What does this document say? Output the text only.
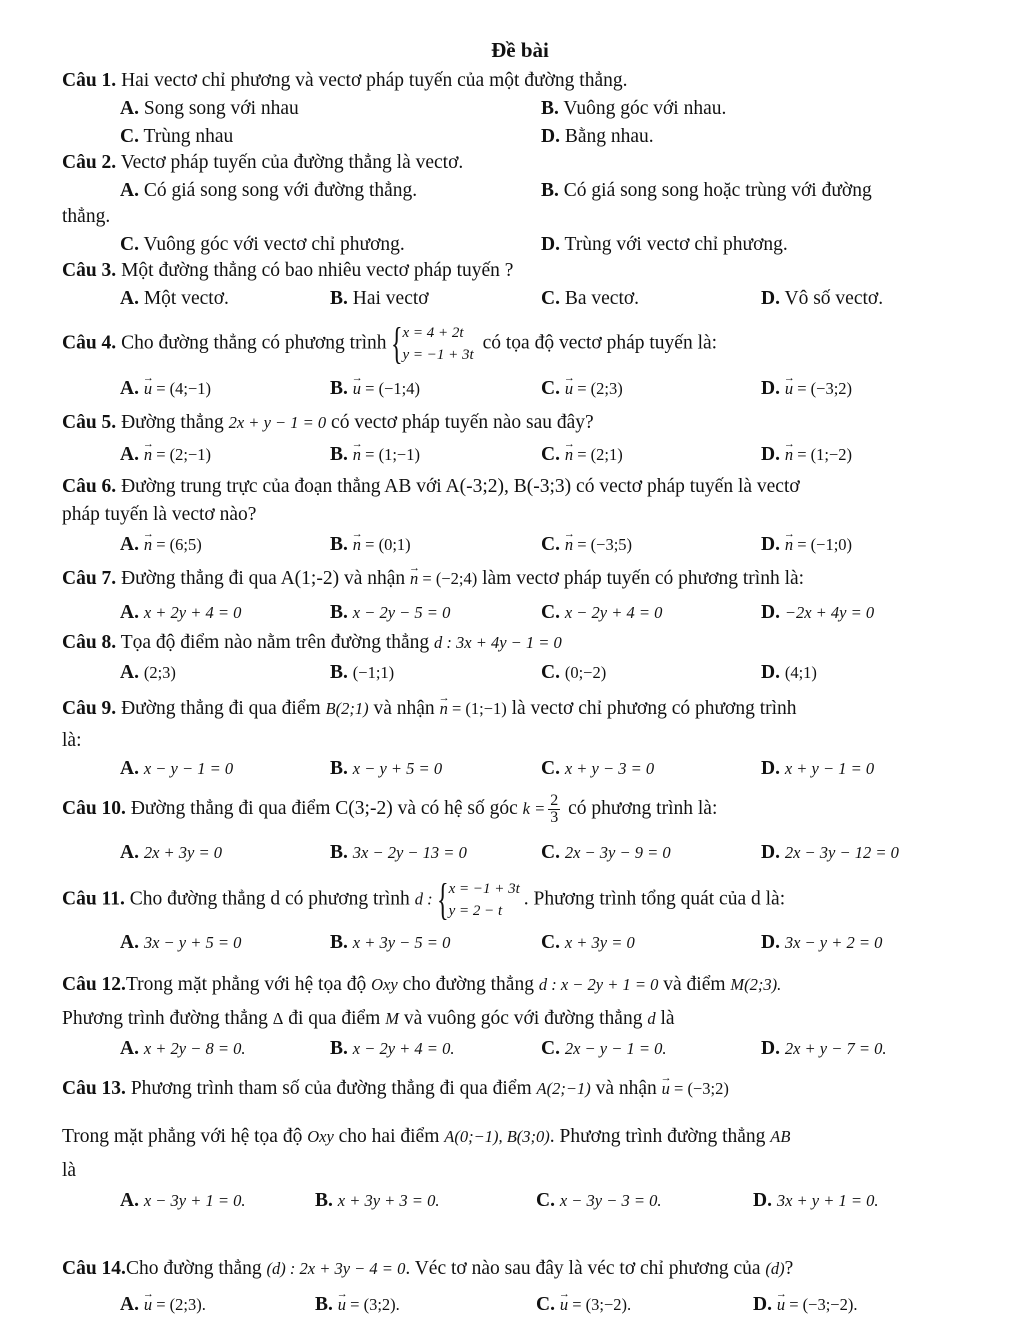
Đề bài
Câu 1. Hai vectơ chỉ phương và vectơ pháp tuyến của một đường thẳng.
A. Song song với nhau	B. Vuông góc với nhau.
C. Trùng nhau	D. Bằng nhau.
Câu 2. Vectơ pháp tuyến của đường thẳng là vectơ.
A. Có giá song song với đường thẳng.	B. Có giá song song hoặc trùng với đường
thẳng.
C. Vuông góc với vectơ chỉ phương.	D. Trùng với vectơ chỉ phương.
Câu 3. Một đường thẳng có bao nhiêu vectơ pháp tuyến ?
A. Một vectơ.	B. Hai vectơ	C. Ba vectơ.	D. Vô số vectơ.
Câu 4. Cho đường thẳng có phương trình { x = 4 + 2t
y = −1 + 3t
có tọa độ vectơ pháp tuyến là:
A. → u = (4;−1)	B. → u = (−1;4)	C. → u = (2;3)	D. → u = (−3;2)
Câu 5. Đường thẳng 2x + y − 1 = 0 có vectơ pháp tuyến nào sau đây?
A. → n = (2;−1)	B. → n = (1;−1)	C. → n = (2;1)	D. → n = (1;−2)
Câu 6. Đường trung trực của đoạn thẳng AB với A(-3;2), B(-3;3) có vectơ pháp tuyến là vectơ
pháp tuyến là vectơ nào?
A. → n = (6;5)	B. → n = (0;1)	C. → n = (−3;5)	D. → n = (−1;0)
Câu 7. Đường thẳng đi qua A(1;-2) và nhận → n = (−2;4) làm vectơ pháp tuyến có phương trình là:
A. x + 2y + 4 = 0	B. x − 2y − 5 = 0	C. x − 2y + 4 = 0	D. −2x + 4y = 0
Câu 8. Tọa độ điểm nào nằm trên đường thẳng d : 3x + 4y − 1 = 0
A. (2;3)	B. (−1;1)	C. (0;−2)	D. (4;1)
Câu 9. Đường thẳng đi qua điểm B(2;1) và nhận → n = (1;−1) là vectơ chỉ phương có phương trình
là:
A. x − y − 1 = 0	B. x − y + 5 = 0	C. x + y − 3 = 0	D. x + y − 1 = 0
Câu 10. Đường thẳng đi qua điểm C(3;-2) và có hệ số góc $k = \frac{2}{3}$ có phương trình là:
A. 2x + 3y = 0	B. 3x − 2y − 13 = 0	C. 2x − 3y − 9 = 0	D. 2x − 3y − 12 = 0
Câu 11. Cho đường thẳng d có phương trình d : { x = −1 + 3t
y = 2 − t
. Phương trình tổng quát của d là:
A. 3x − y + 5 = 0	B. x + 3y − 5 = 0	C. x + 3y = 0	D. 3x − y + 2 = 0
Câu 12.Trong mặt phẳng với hệ tọa độ Oxy cho đường thẳng d : x − 2y + 1 = 0 và điểm M(2;3).
Phương trình đường thẳng Δ đi qua điểm M và vuông góc với đường thẳng d là
A. x + 2y − 8 = 0.	B. x − 2y + 4 = 0.	C. 2x − y − 1 = 0.	D. 2x + y − 7 = 0.
Câu 13. Phương trình tham số của đường thẳng đi qua điểm A(2;−1) và nhận → u = (−3;2)
Trong mặt phẳng với hệ tọa độ Oxy cho hai điểm A(0;−1), B(3;0). Phương trình đường thẳng AB
là
A. x − 3y + 1 = 0.	B. x + 3y + 3 = 0.	C. x − 3y − 3 = 0.	D. 3x + y + 1 = 0.
Câu 14.Cho đường thẳng (d) : 2x + 3y − 4 = 0. Véc tơ nào sau đây là véc tơ chỉ phương của (d)?
A. → u = (2;3).	B. → u = (3;2).	C. → u = (3;−2).	D. → u = (−3;−2).
